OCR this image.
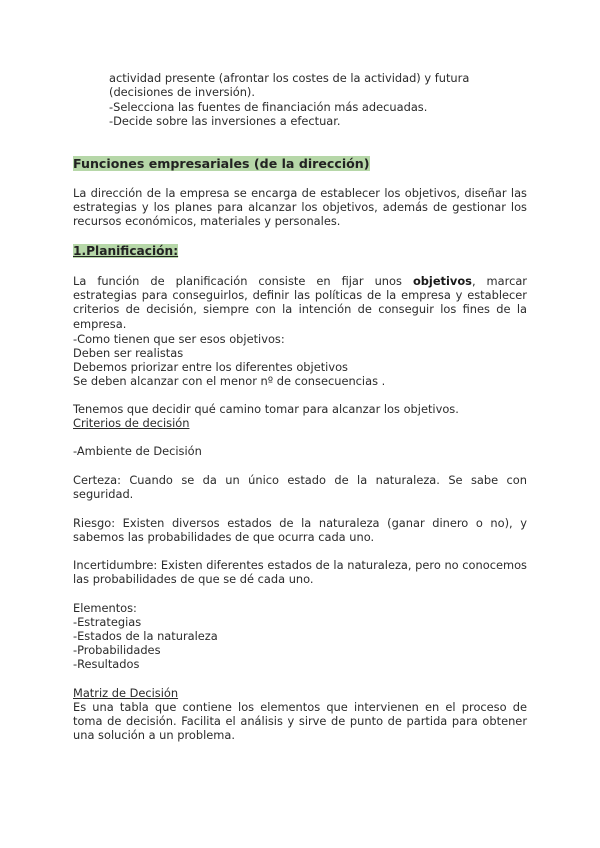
actividad presente (afrontar los costes de la actividad) y futura

(decisiones de inversión).

-Selecciona las fuentes de financiación más adecuadas.

-Decide sobre las inversiones a efectuar.

Funciones empresariales (de la dirección)

La dirección de la empresa se encarga de establecer los objetivos, diseñar las estrategias y los planes para alcanzar los objetivos, además de gestionar los recursos económicos, materiales y personales.

1.Planificación:

La función de planificación consiste en fijar unos objetivos, marcar estrategias para conseguirlos, definir las políticas de la empresa y establecer criterios de decisión, siempre con la intención de conseguir los fines de la empresa.

-Como tienen que ser esos objetivos:

Deben ser realistas

Debemos priorizar entre los diferentes objetivos

Se deben alcanzar con el menor nº de consecuencias .

Tenemos que decidir qué camino tomar para alcanzar los objetivos.

Criterios de decisión

-Ambiente de Decisión

Certeza: Cuando se da un único estado de la naturaleza. Se sabe con seguridad.

Riesgo: Existen diversos estados de la naturaleza (ganar dinero o no), y sabemos las probabilidades de que ocurra cada uno.

Incertidumbre: Existen diferentes estados de la naturaleza, pero no conocemos las probabilidades de que se dé cada uno.

Elementos:

-Estrategias

-Estados de la naturaleza

-Probabilidades

-Resultados

Matriz de Decisión

Es una tabla que contiene los elementos que intervienen en el proceso de toma de decisión. Facilita el análisis y sirve de punto de partida para obtener una solución a un problema.
